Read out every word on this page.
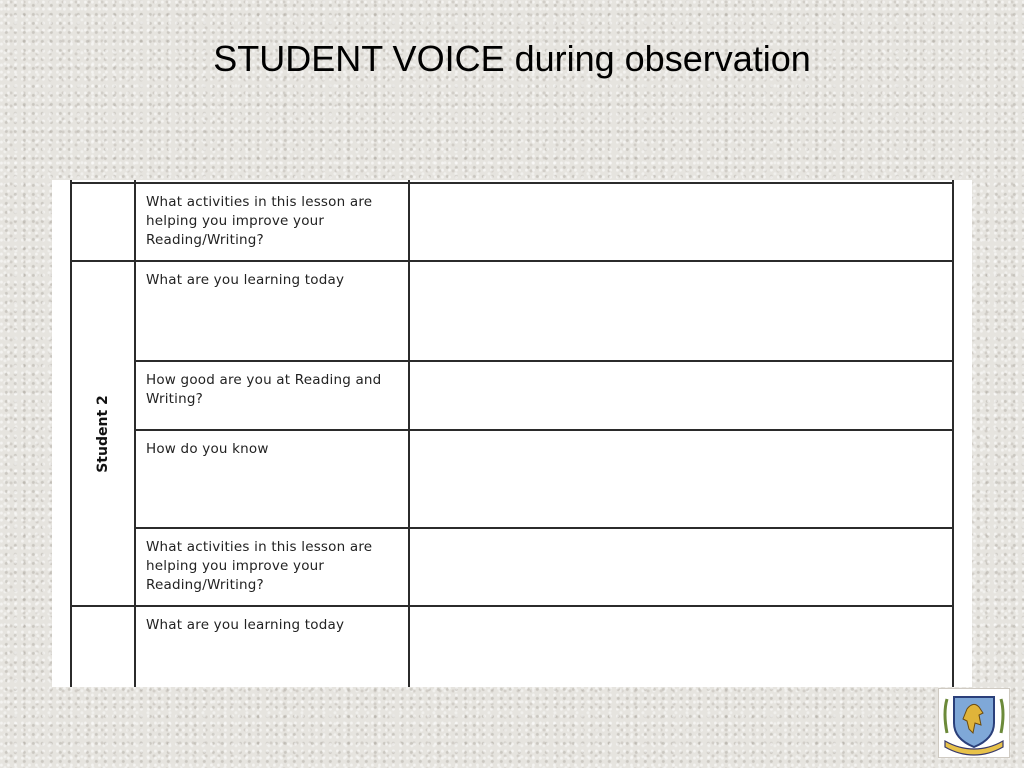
STUDENT VOICE during observation

	What activities in this lesson are helping you improve your Reading/Writing?	

Student 2	What are you learning today	

	How good are you at Reading and Writing?	

	How do you know	

	What activities in this lesson are helping you improve your Reading/Writing?	

	What are you learning today	
